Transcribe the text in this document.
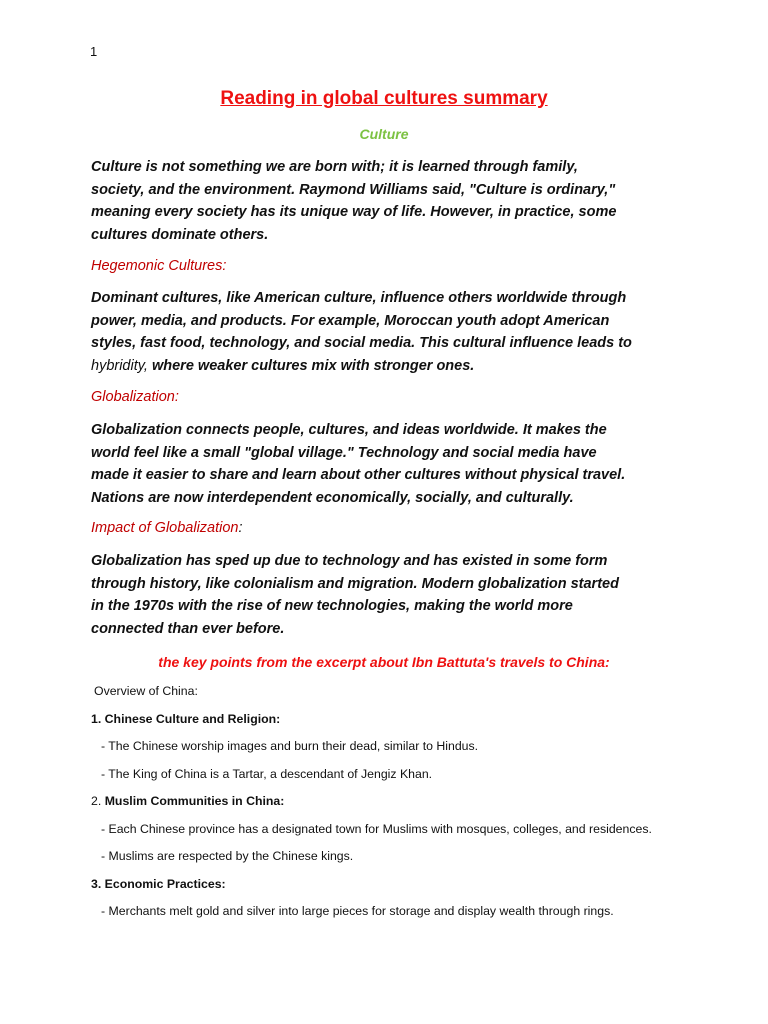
1
Reading in global cultures summary
Culture
Culture is not something we are born with; it is learned through family,
society, and the environment. Raymond Williams said, "Culture is ordinary,"
meaning every society has its unique way of life. However, in practice, some
cultures dominate others.
Hegemonic Cultures:
Dominant cultures, like American culture, influence others worldwide through
power, media, and products. For example, Moroccan youth adopt American
styles, fast food, technology, and social media. This cultural influence leads to
hybridity, where weaker cultures mix with stronger ones.
Globalization:
Globalization connects people, cultures, and ideas worldwide. It makes the
world feel like a small "global village." Technology and social media have
made it easier to share and learn about other cultures without physical travel.
Nations are now interdependent economically, socially, and culturally.
Impact of Globalization:
Globalization has sped up due to technology and has existed in some form
through history, like colonialism and migration. Modern globalization started
in the 1970s with the rise of new technologies, making the world more
connected than ever before.
the key points from the excerpt about Ibn Battuta's travels to China:
Overview of China:
1. Chinese Culture and Religion:
- The Chinese worship images and burn their dead, similar to Hindus.
- The King of China is a Tartar, a descendant of Jengiz Khan.
2. Muslim Communities in China:
- Each Chinese province has a designated town for Muslims with mosques, colleges, and residences.
- Muslims are respected by the Chinese kings.
3. Economic Practices:
- Merchants melt gold and silver into large pieces for storage and display wealth through rings.
